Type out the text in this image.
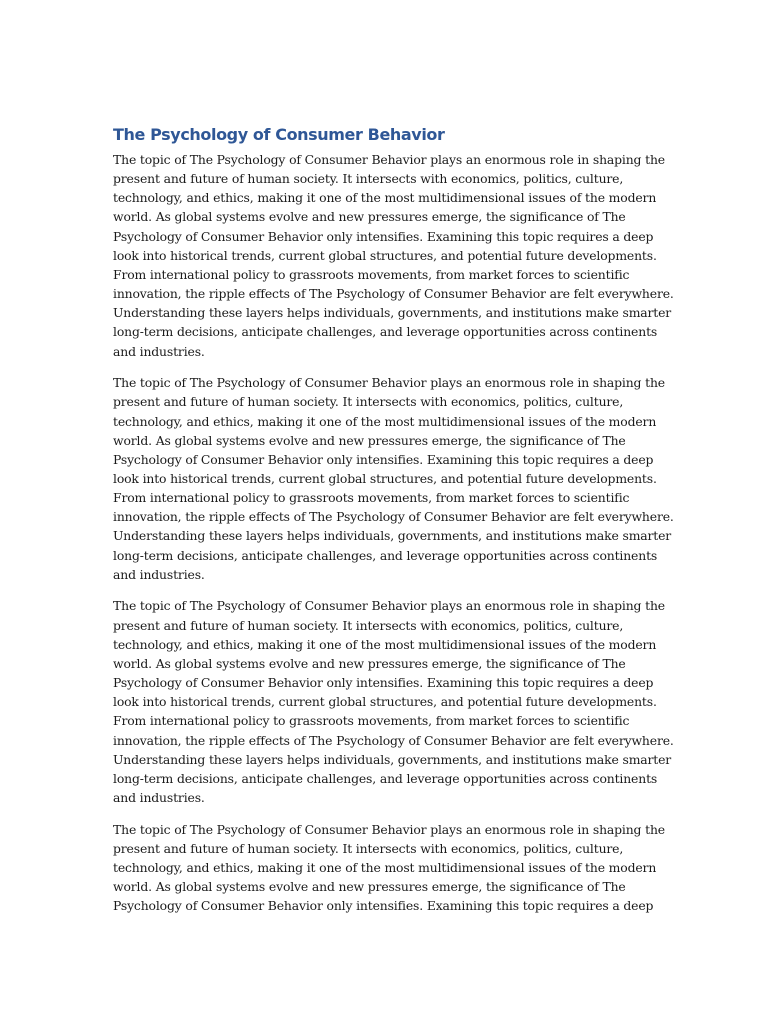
The Psychology of Consumer Behavior

The topic of The Psychology of Consumer Behavior plays an enormous role in shaping the
present and future of human society. It intersects with economics, politics, culture,
technology, and ethics, making it one of the most multidimensional issues of the modern
world. As global systems evolve and new pressures emerge, the significance of The
Psychology of Consumer Behavior only intensifies. Examining this topic requires a deep
look into historical trends, current global structures, and potential future developments.
From international policy to grassroots movements, from market forces to scientific
innovation, the ripple effects of The Psychology of Consumer Behavior are felt everywhere.
Understanding these layers helps individuals, governments, and institutions make smarter
long-term decisions, anticipate challenges, and leverage opportunities across continents
and industries.

The topic of The Psychology of Consumer Behavior plays an enormous role in shaping the
present and future of human society. It intersects with economics, politics, culture,
technology, and ethics, making it one of the most multidimensional issues of the modern
world. As global systems evolve and new pressures emerge, the significance of The
Psychology of Consumer Behavior only intensifies. Examining this topic requires a deep
look into historical trends, current global structures, and potential future developments.
From international policy to grassroots movements, from market forces to scientific
innovation, the ripple effects of The Psychology of Consumer Behavior are felt everywhere.
Understanding these layers helps individuals, governments, and institutions make smarter
long-term decisions, anticipate challenges, and leverage opportunities across continents
and industries.

The topic of The Psychology of Consumer Behavior plays an enormous role in shaping the
present and future of human society. It intersects with economics, politics, culture,
technology, and ethics, making it one of the most multidimensional issues of the modern
world. As global systems evolve and new pressures emerge, the significance of The
Psychology of Consumer Behavior only intensifies. Examining this topic requires a deep
look into historical trends, current global structures, and potential future developments.
From international policy to grassroots movements, from market forces to scientific
innovation, the ripple effects of The Psychology of Consumer Behavior are felt everywhere.
Understanding these layers helps individuals, governments, and institutions make smarter
long-term decisions, anticipate challenges, and leverage opportunities across continents
and industries.

The topic of The Psychology of Consumer Behavior plays an enormous role in shaping the
present and future of human society. It intersects with economics, politics, culture,
technology, and ethics, making it one of the most multidimensional issues of the modern
world. As global systems evolve and new pressures emerge, the significance of The
Psychology of Consumer Behavior only intensifies. Examining this topic requires a deep
